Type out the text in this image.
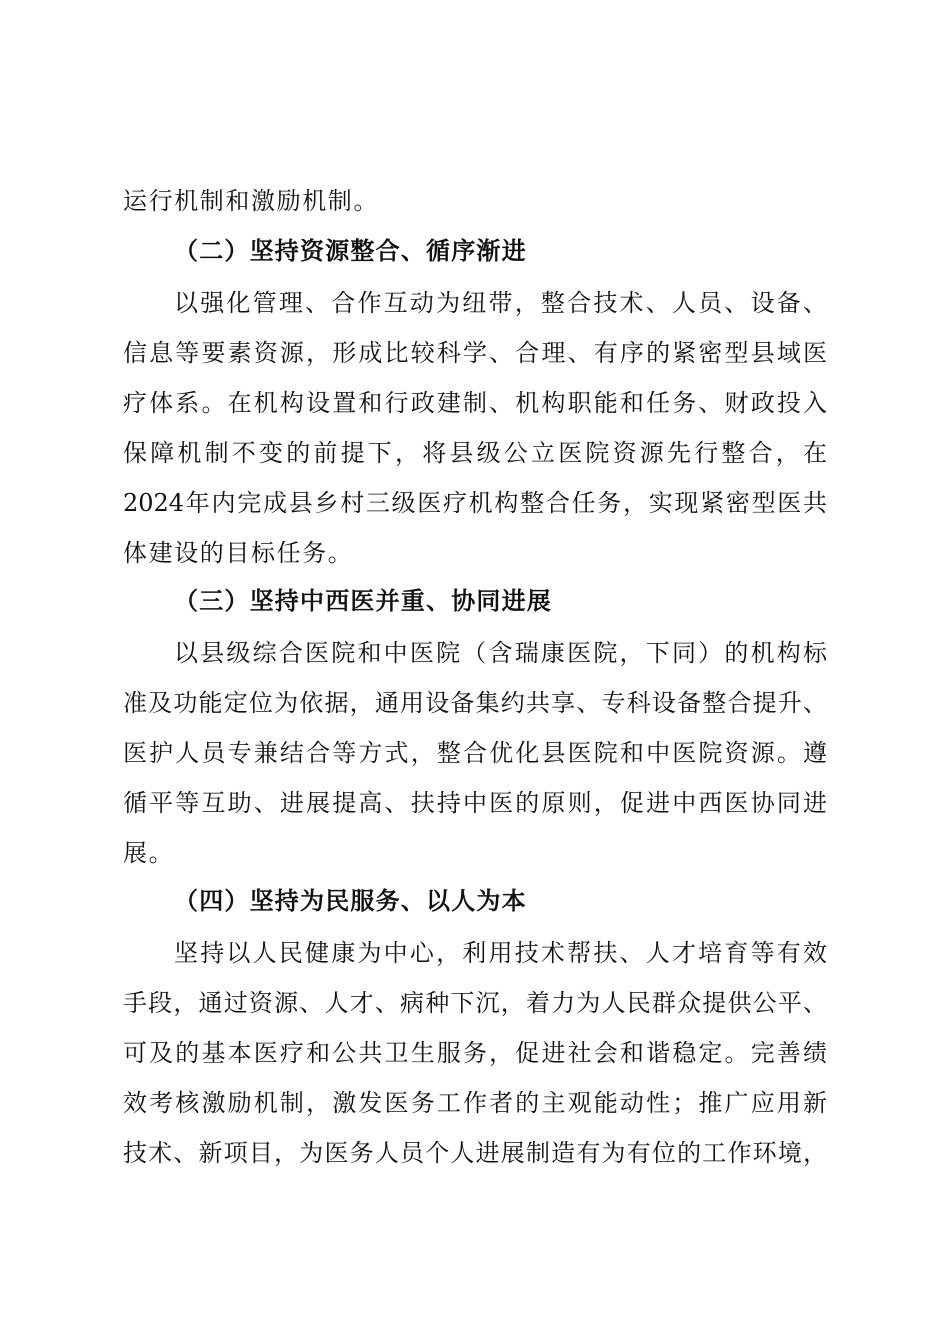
运行机制和激励机制。
（二）坚持资源整合、循序渐进
以强化管理、合作互动为纽带，整合技术、人员、设备、
信息等要素资源，形成比较科学、合理、有序的紧密型县域医
疗体系。在机构设置和行政建制、机构职能和任务、财政投入
保障机制不变的前提下，将县级公立医院资源先行整合，在
2024年内完成县乡村三级医疗机构整合任务，实现紧密型医共
体建设的目标任务。
（三）坚持中西医并重、协同进展
以县级综合医院和中医院（含瑞康医院，下同）的机构标
准及功能定位为依据，通用设备集约共享、专科设备整合提升、
医护人员专兼结合等方式，整合优化县医院和中医院资源。遵
循平等互助、进展提高、扶持中医的原则，促进中西医协同进
展。
（四）坚持为民服务、以人为本
坚持以人民健康为中心，利用技术帮扶、人才培育等有效
手段，通过资源、人才、病种下沉，着力为人民群众提供公平、
可及的基本医疗和公共卫生服务，促进社会和谐稳定。完善绩
效考核激励机制，激发医务工作者的主观能动性；推广应用新
技术、新项目，为医务人员个人进展制造有为有位的工作环境，
